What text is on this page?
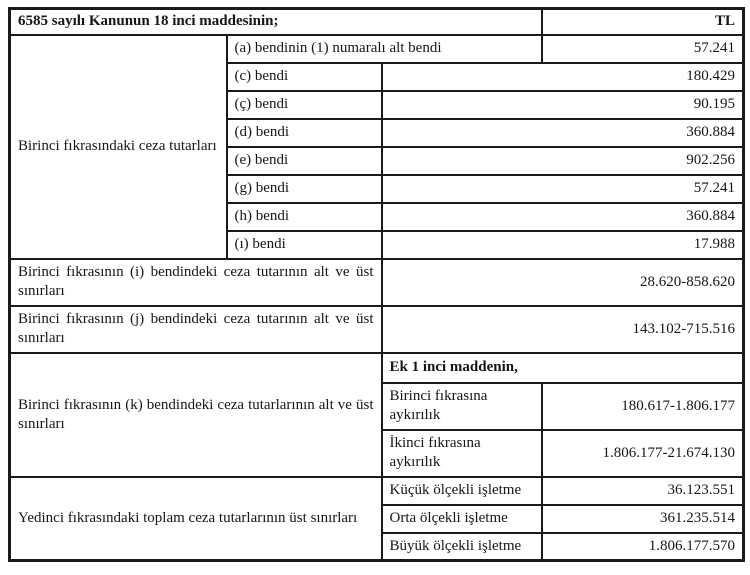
6585 sayılı Kanunun 18 inci maddesinin;			TL
Birinci fıkrasındaki ceza tutarları	(a) bendinin (1) numaralı alt bendi		57.241
	(c) bendi	180.429	
	(ç) bendi	90.195	
	(d) bendi	360.884	
	(e) bendi	902.256	
	(g) bendi	57.241	
	(h) bendi	360.884	
	(ı) bendi	17.988	
Birinci fıkrasının (i) bendindeki ceza tutarının alt ve üst sınırları		28.620-858.620	
Birinci fıkrasının (j) bendindeki ceza tutarının alt ve üst sınırları		143.102-715.516	
Birinci fıkrasının (k) bendindeki ceza tutarlarının alt ve üst sınırları		Ek 1 inci maddenin,	
		Birinci fıkrasına aykırılık	180.617-1.806.177
		İkinci fıkrasına aykırılık	1.806.177-21.674.130
Yedinci fıkrasındaki toplam ceza tutarlarının üst sınırları		Küçük ölçekli işletme	36.123.551
		Orta ölçekli işletme	361.235.514
		Büyük ölçekli işletme	1.806.177.570
